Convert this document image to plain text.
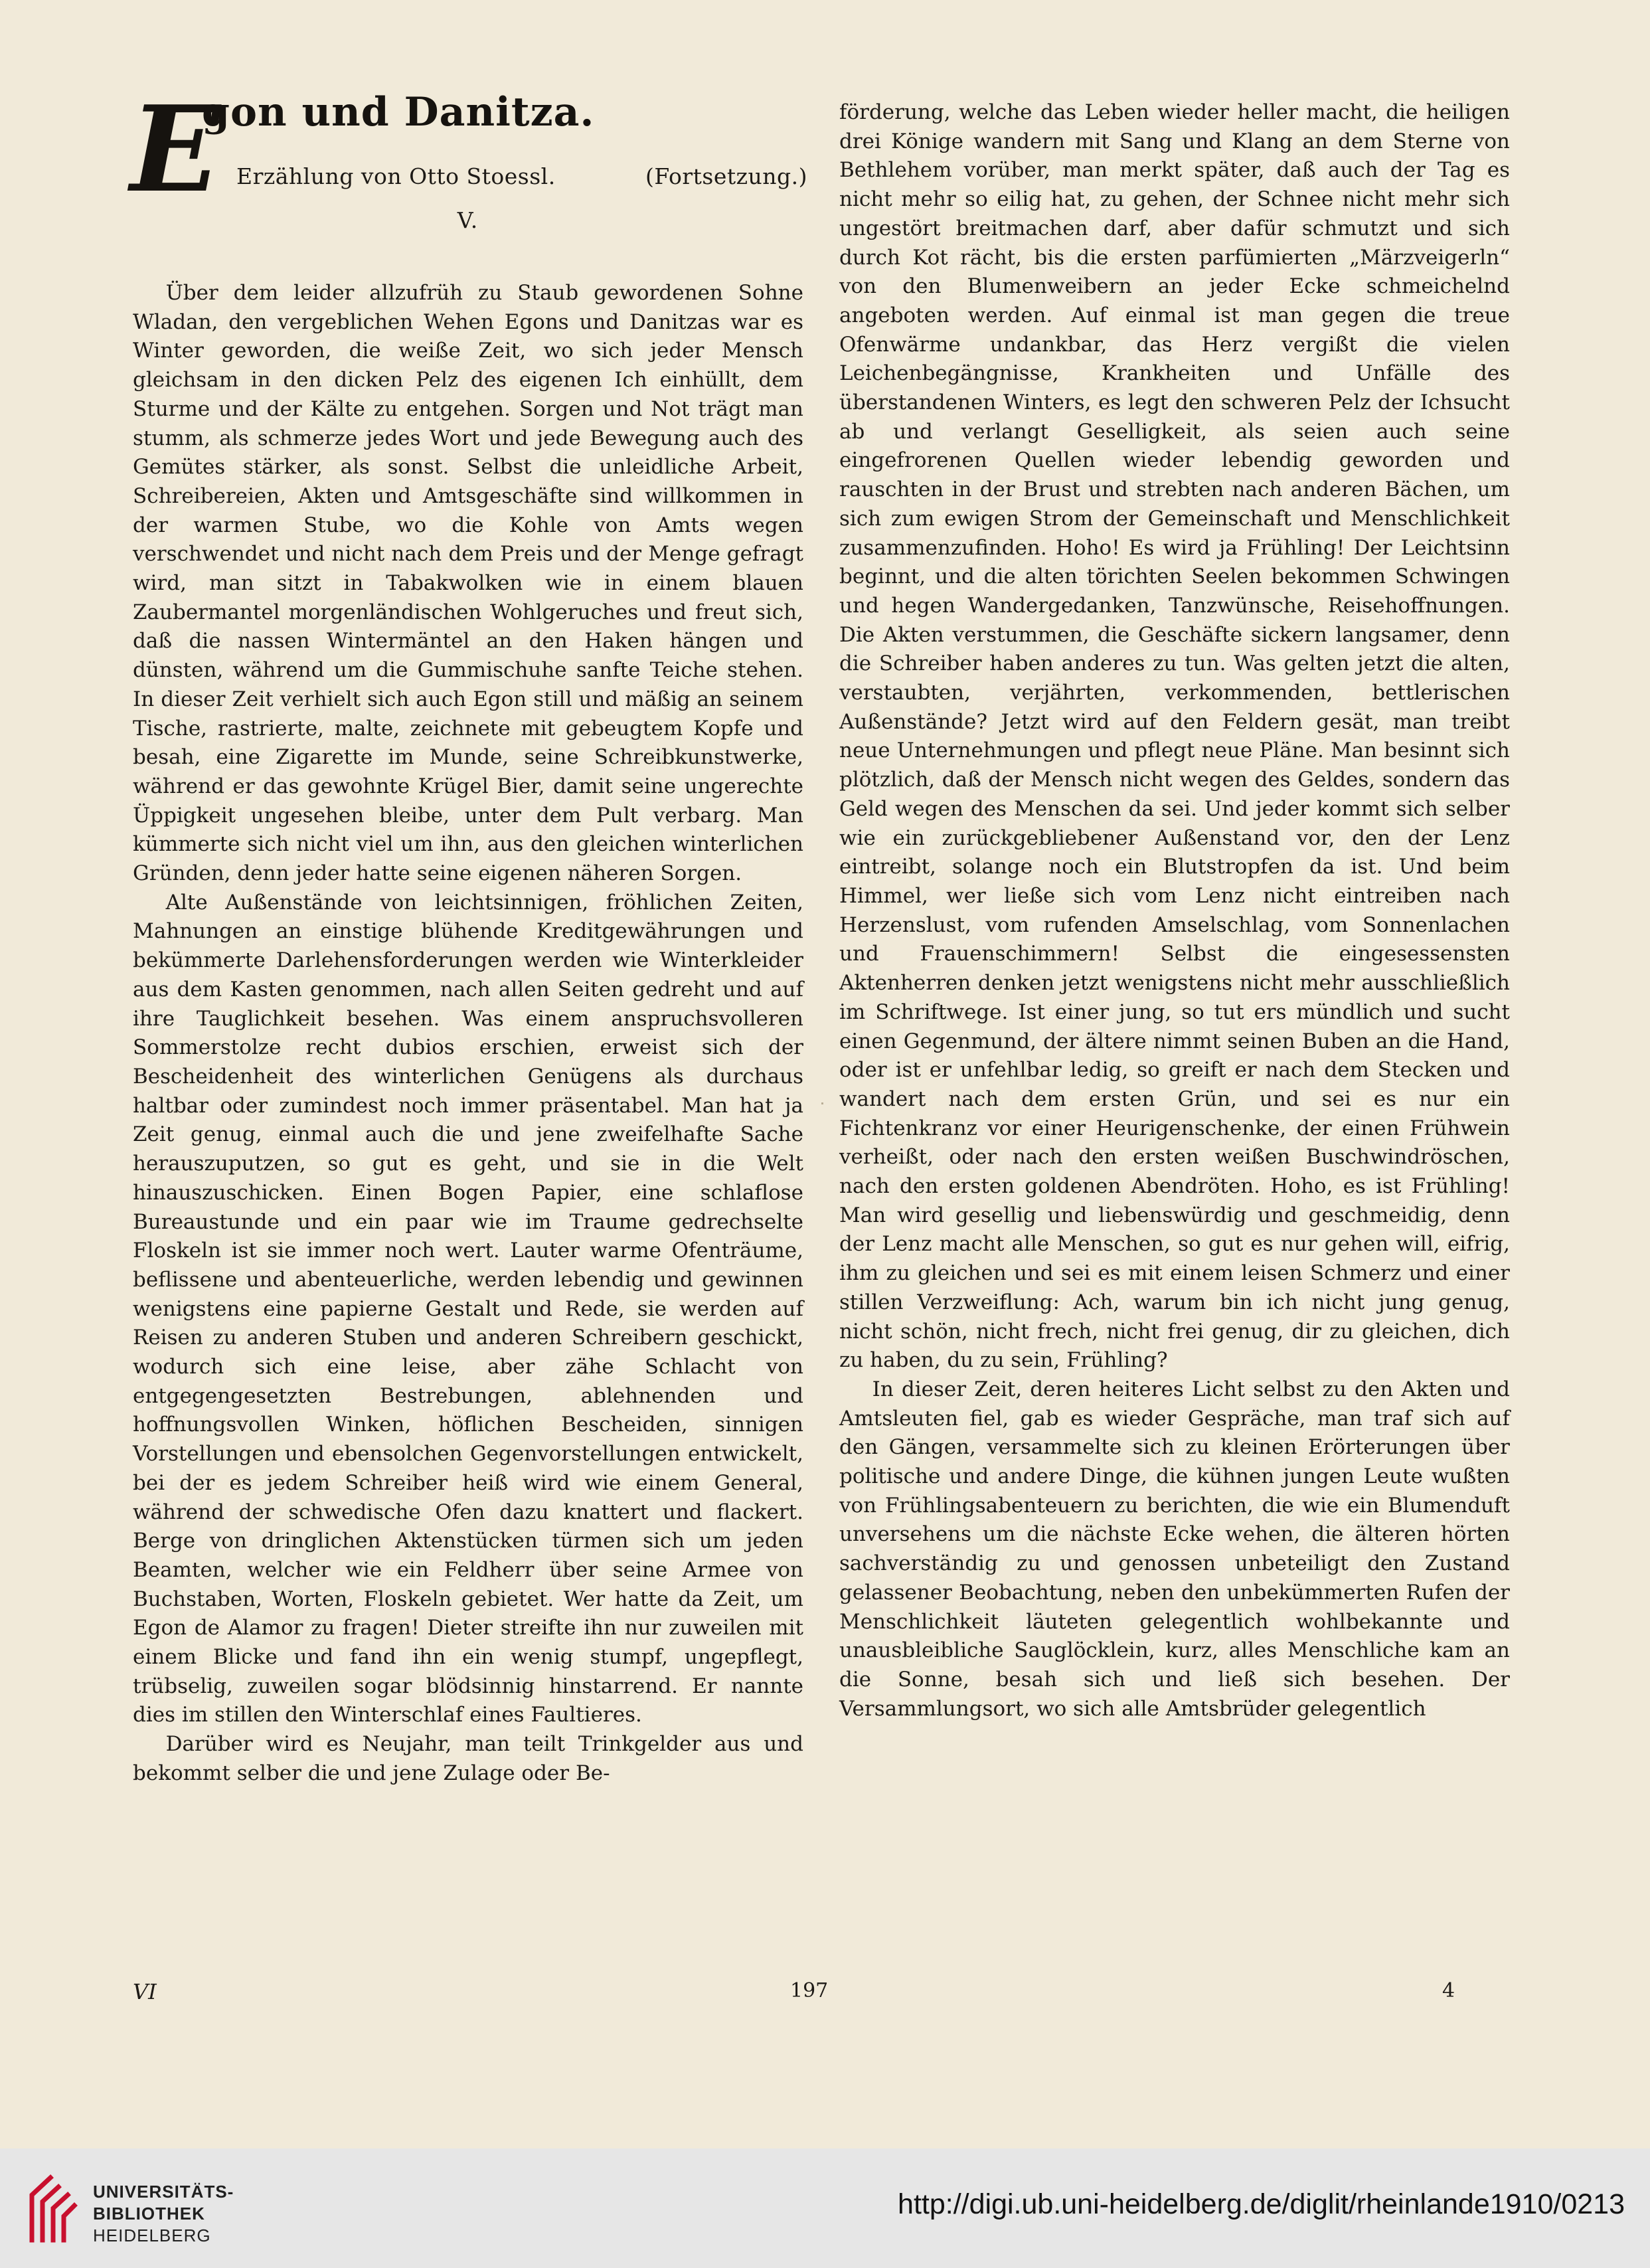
E
gon und Danitza.
Erzählung von Otto Stoessl.	(Fortsetzung.)
V.

Über dem leider allzufrüh zu Staub gewordenen Sohne Wladan, den vergeblichen Wehen Egons und Danitzas war es Winter geworden, die weiße Zeit, wo sich jeder Mensch gleichsam in den dicken Pelz des eigenen Ich einhüllt, dem Sturme und der Kälte zu entgehen. Sorgen und Not trägt man stumm, als schmerze jedes Wort und jede Bewegung auch des Gemütes stärker, als sonst. Selbst die unleidliche Arbeit, Schreibereien, Akten und Amtsgeschäfte sind willkommen in der warmen Stube, wo die Kohle von Amts wegen verschwendet und nicht nach dem Preis und der Menge gefragt wird, man sitzt in Tabakwolken wie in einem blauen Zaubermantel morgenländischen Wohlgeruches und freut sich, daß die nassen Wintermäntel an den Haken hängen und dünsten, während um die Gummischuhe sanfte Teiche stehen. In dieser Zeit verhielt sich auch Egon still und mäßig an seinem Tische, rastrierte, malte, zeichnete mit gebeugtem Kopfe und besah, eine Zigarette im Munde, seine Schreibkunstwerke, während er das gewohnte Krügel Bier, damit seine ungerechte Üppigkeit ungesehen bleibe, unter dem Pult verbarg. Man kümmerte sich nicht viel um ihn, aus den gleichen winterlichen Gründen, denn jeder hatte seine eigenen näheren Sorgen.

Alte Außenstände von leichtsinnigen, fröhlichen Zeiten, Mahnungen an einstige blühende Kreditgewährungen und bekümmerte Darlehensforderungen werden wie Winterkleider aus dem Kasten genommen, nach allen Seiten gedreht und auf ihre Tauglichkeit besehen. Was einem anspruchsvolleren Sommerstolze recht dubios erschien, erweist sich der Bescheidenheit des winterlichen Genügens als durchaus haltbar oder zumindest noch immer präsentabel. Man hat ja Zeit genug, einmal auch die und jene zweifelhafte Sache herauszuputzen, so gut es geht, und sie in die Welt hinauszuschicken. Einen Bogen Papier, eine schlaflose Bureaustunde und ein paar wie im Traume gedrechselte Floskeln ist sie immer noch wert. Lauter warme Ofenträume, beflissene und abenteuerliche, werden lebendig und gewinnen wenigstens eine papierne Gestalt und Rede, sie werden auf Reisen zu anderen Stuben und anderen Schreibern geschickt, wodurch sich eine leise, aber zähe Schlacht von entgegengesetzten Bestrebungen, ablehnenden und hoffnungsvollen Winken, höflichen Bescheiden, sinnigen Vorstellungen und ebensolchen Gegenvorstellungen entwickelt, bei der es jedem Schreiber heiß wird wie einem General, während der schwedische Ofen dazu knattert und flackert. Berge von dringlichen Aktenstücken türmen sich um jeden Beamten, welcher wie ein Feldherr über seine Armee von Buchstaben, Worten, Floskeln gebietet. Wer hatte da Zeit, um Egon de Alamor zu fragen! Dieter streifte ihn nur zuweilen mit einem Blicke und fand ihn ein wenig stumpf, ungepflegt, trübselig, zuweilen sogar blödsinnig hinstarrend. Er nannte dies im stillen den Winterschlaf eines Faultieres.

Darüber wird es Neujahr, man teilt Trinkgelder aus und bekommt selber die und jene Zulage oder Be-

förderung, welche das Leben wieder heller macht, die heiligen drei Könige wandern mit Sang und Klang an dem Sterne von Bethlehem vorüber, man merkt später, daß auch der Tag es nicht mehr so eilig hat, zu gehen, der Schnee nicht mehr sich ungestört breitmachen darf, aber dafür schmutzt und sich durch Kot rächt, bis die ersten parfümierten „Märzveigerln“ von den Blumenweibern an jeder Ecke schmeichelnd angeboten werden. Auf einmal ist man gegen die treue Ofenwärme undankbar, das Herz vergißt die vielen Leichenbegängnisse, Krankheiten und Unfälle des überstandenen Winters, es legt den schweren Pelz der Ichsucht ab und verlangt Geselligkeit, als seien auch seine eingefrorenen Quellen wieder lebendig geworden und rauschten in der Brust und strebten nach anderen Bächen, um sich zum ewigen Strom der Gemeinschaft und Menschlichkeit zusammenzufinden. Hoho! Es wird ja Frühling! Der Leichtsinn beginnt, und die alten törichten Seelen bekommen Schwingen und hegen Wandergedanken, Tanzwünsche, Reisehoffnungen. Die Akten verstummen, die Geschäfte sickern langsamer, denn die Schreiber haben anderes zu tun. Was gelten jetzt die alten, verstaubten, verjährten, verkommenden, bettlerischen Außenstände? Jetzt wird auf den Feldern gesät, man treibt neue Unternehmungen und pflegt neue Pläne. Man besinnt sich plötzlich, daß der Mensch nicht wegen des Geldes, sondern das Geld wegen des Menschen da sei. Und jeder kommt sich selber wie ein zurückgebliebener Außenstand vor, den der Lenz eintreibt, solange noch ein Blutstropfen da ist. Und beim Himmel, wer ließe sich vom Lenz nicht eintreiben nach Herzenslust, vom rufenden Amselschlag, vom Sonnenlachen und Frauenschimmern! Selbst die eingesessensten Aktenherren denken jetzt wenigstens nicht mehr ausschließlich im Schriftwege. Ist einer jung, so tut ers mündlich und sucht einen Gegenmund, der ältere nimmt seinen Buben an die Hand, oder ist er unfehlbar ledig, so greift er nach dem Stecken und wandert nach dem ersten Grün, und sei es nur ein Fichtenkranz vor einer Heurigenschenke, der einen Frühwein verheißt, oder nach den ersten weißen Buschwindröschen, nach den ersten goldenen Abendröten. Hoho, es ist Frühling! Man wird gesellig und liebenswürdig und geschmeidig, denn der Lenz macht alle Menschen, so gut es nur gehen will, eifrig, ihm zu gleichen und sei es mit einem leisen Schmerz und einer stillen Verzweiflung: Ach, warum bin ich nicht jung genug, nicht schön, nicht frech, nicht frei genug, dir zu gleichen, dich zu haben, du zu sein, Frühling?

In dieser Zeit, deren heiteres Licht selbst zu den Akten und Amtsleuten fiel, gab es wieder Gespräche, man traf sich auf den Gängen, versammelte sich zu kleinen Erörterungen über politische und andere Dinge, die kühnen jungen Leute wußten von Frühlingsabenteuern zu berichten, die wie ein Blumenduft unversehens um die nächste Ecke wehen, die älteren hörten sachverständig zu und genossen unbeteiligt den Zustand gelassener Beobachtung, neben den unbekümmerten Rufen der Menschlichkeit läuteten gelegentlich wohlbekannte und unausbleibliche Sauglöcklein, kurz, alles Menschliche kam an die Sonne, besah sich und ließ sich besehen. Der Versammlungsort, wo sich alle Amtsbrüder gelegentlich

VI	197	4
UNIVERSITÄTS-
BIBLIOTHEK
HEIDELBERG
http://digi.ub.uni-heidelberg.de/diglit/rheinlande1910/0213
